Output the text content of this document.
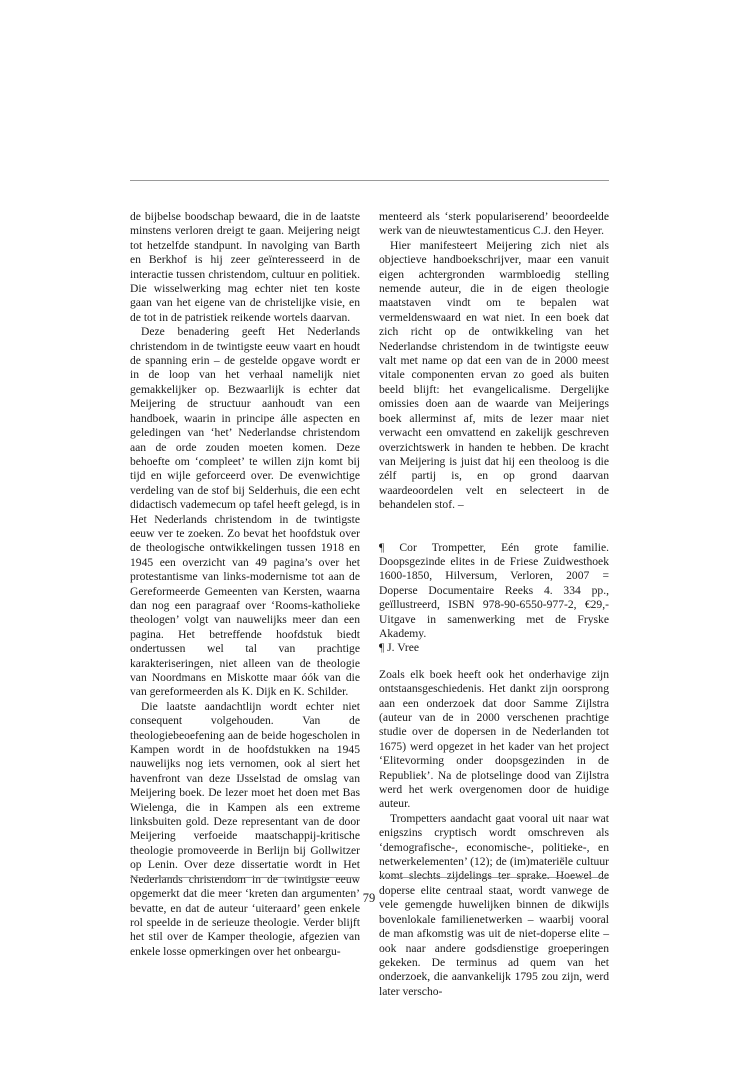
de bijbelse boodschap bewaard, die in de laatste minstens verloren dreigt te gaan. Meijering neigt tot hetzelfde standpunt. In navolging van Barth en Berkhof is hij zeer geïnteresseerd in de interactie tussen christendom, cultuur en politiek. Die wisselwerking mag echter niet ten koste gaan van het eigene van de christelijke visie, en de tot in de patristiek reikende wortels daarvan.

Deze benadering geeft Het Nederlands christendom in de twintigste eeuw vaart en houdt de spanning erin – de gestelde opgave wordt er in de loop van het verhaal namelijk niet gemakkelijker op. Bezwaarlijk is echter dat Meijering de structuur aanhoudt van een handboek, waarin in principe álle aspecten en geledingen van ‘het’ Nederlandse christendom aan de orde zouden moeten komen. Deze behoefte om ‘compleet’ te willen zijn komt bij tijd en wijle geforceerd over. De evenwichtige verdeling van de stof bij Selderhuis, die een echt didactisch vademecum op tafel heeft gelegd, is in Het Nederlands christendom in de twintigste eeuw ver te zoeken. Zo bevat het hoofdstuk over de theologische ontwikkelingen tussen 1918 en 1945 een overzicht van 49 pagina’s over het protestantisme van links-modernisme tot aan de Gereformeerde Gemeenten van Kersten, waarna dan nog een paragraaf over ‘Rooms-katholieke theologen’ volgt van nauwelijks meer dan een pagina. Het betreffende hoofdstuk biedt ondertussen wel tal van prachtige karakteriseringen, niet alleen van de theologie van Noordmans en Miskotte maar óók van die van gereformeerden als K. Dijk en K. Schilder.

Die laatste aandachtlijn wordt echter niet consequent volgehouden. Van de theologiebeoefening aan de beide hogescholen in Kampen wordt in de hoofdstukken na 1945 nauwelijks nog iets vernomen, ook al siert het havenfront van deze IJsselstad de omslag van Meijering boek. De lezer moet het doen met Bas Wielenga, die in Kampen als een extreme linksbuiten gold. Deze representant van de door Meijering verfoeide maatschappij-kritische theologie promoveerde in Berlijn bij Gollwitzer op Lenin. Over deze dissertatie wordt in Het Nederlands christendom in de twintigste eeuw opgemerkt dat die meer ‘kreten dan argumenten’ bevatte, en dat de auteur ‘uiteraard’ geen enkele rol speelde in de serieuze theologie. Verder blijft het stil over de Kamper theologie, afgezien van enkele losse opmerkingen over het onbeargu-

menteerd als ‘sterk populariserend’ beoordeelde werk van de nieuwtestamenticus C.J. den Heyer.

Hier manifesteert Meijering zich niet als objectieve handboekschrijver, maar een vanuit eigen achtergronden warmbloedig stelling nemende auteur, die in de eigen theologie maatstaven vindt om te bepalen wat vermeldenswaard en wat niet. In een boek dat zich richt op de ontwikkeling van het Nederlandse christendom in de twintigste eeuw valt met name op dat een van de in 2000 meest vitale componenten ervan zo goed als buiten beeld blijft: het evangelicalisme. Dergelijke omissies doen aan de waarde van Meijerings boek allerminst af, mits de lezer maar niet verwacht een omvattend en zakelijk geschreven overzichtswerk in handen te hebben. De kracht van Meijering is juist dat hij een theoloog is die zélf partij is, en op grond daarvan waardeoordelen velt en selecteert in de behandelen stof. –

¶ Cor Trompetter, Eén grote familie. Doopsgezinde elites in de Friese Zuidwesthoek 1600-1850, Hilversum, Verloren, 2007 = Doperse Documentaire Reeks 4. 334 pp., geïllustreerd, ISBN 978-90-6550-977-2, €29,- Uitgave in samenwerking met de Fryske Akademy.

¶ J. Vree

Zoals elk boek heeft ook het onderhavige zijn ontstaansgeschiedenis. Het dankt zijn oorsprong aan een onderzoek dat door Samme Zijlstra (auteur van de in 2000 verschenen prachtige studie over de dopersen in de Nederlanden tot 1675) werd opgezet in het kader van het project ‘Elitevorming onder doopsgezinden in de Republiek’. Na de plotselinge dood van Zijlstra werd het werk overgenomen door de huidige auteur.

Trompetters aandacht gaat vooral uit naar wat enigszins cryptisch wordt omschreven als ‘demografische-, economische-, politieke-, en netwerkelementen’ (12); de (im)materiële cultuur komt slechts zijdelings ter sprake. Hoewel de doperse elite centraal staat, wordt vanwege de vele gemengde huwelijken binnen de dikwijls bovenlokale familienetwerken – waarbij vooral de man afkomstig was uit de niet-doperse elite – ook naar andere godsdienstige groeperingen gekeken. De terminus ad quem van het onderzoek, die aanvankelijk 1795 zou zijn, werd later verscho-

79
